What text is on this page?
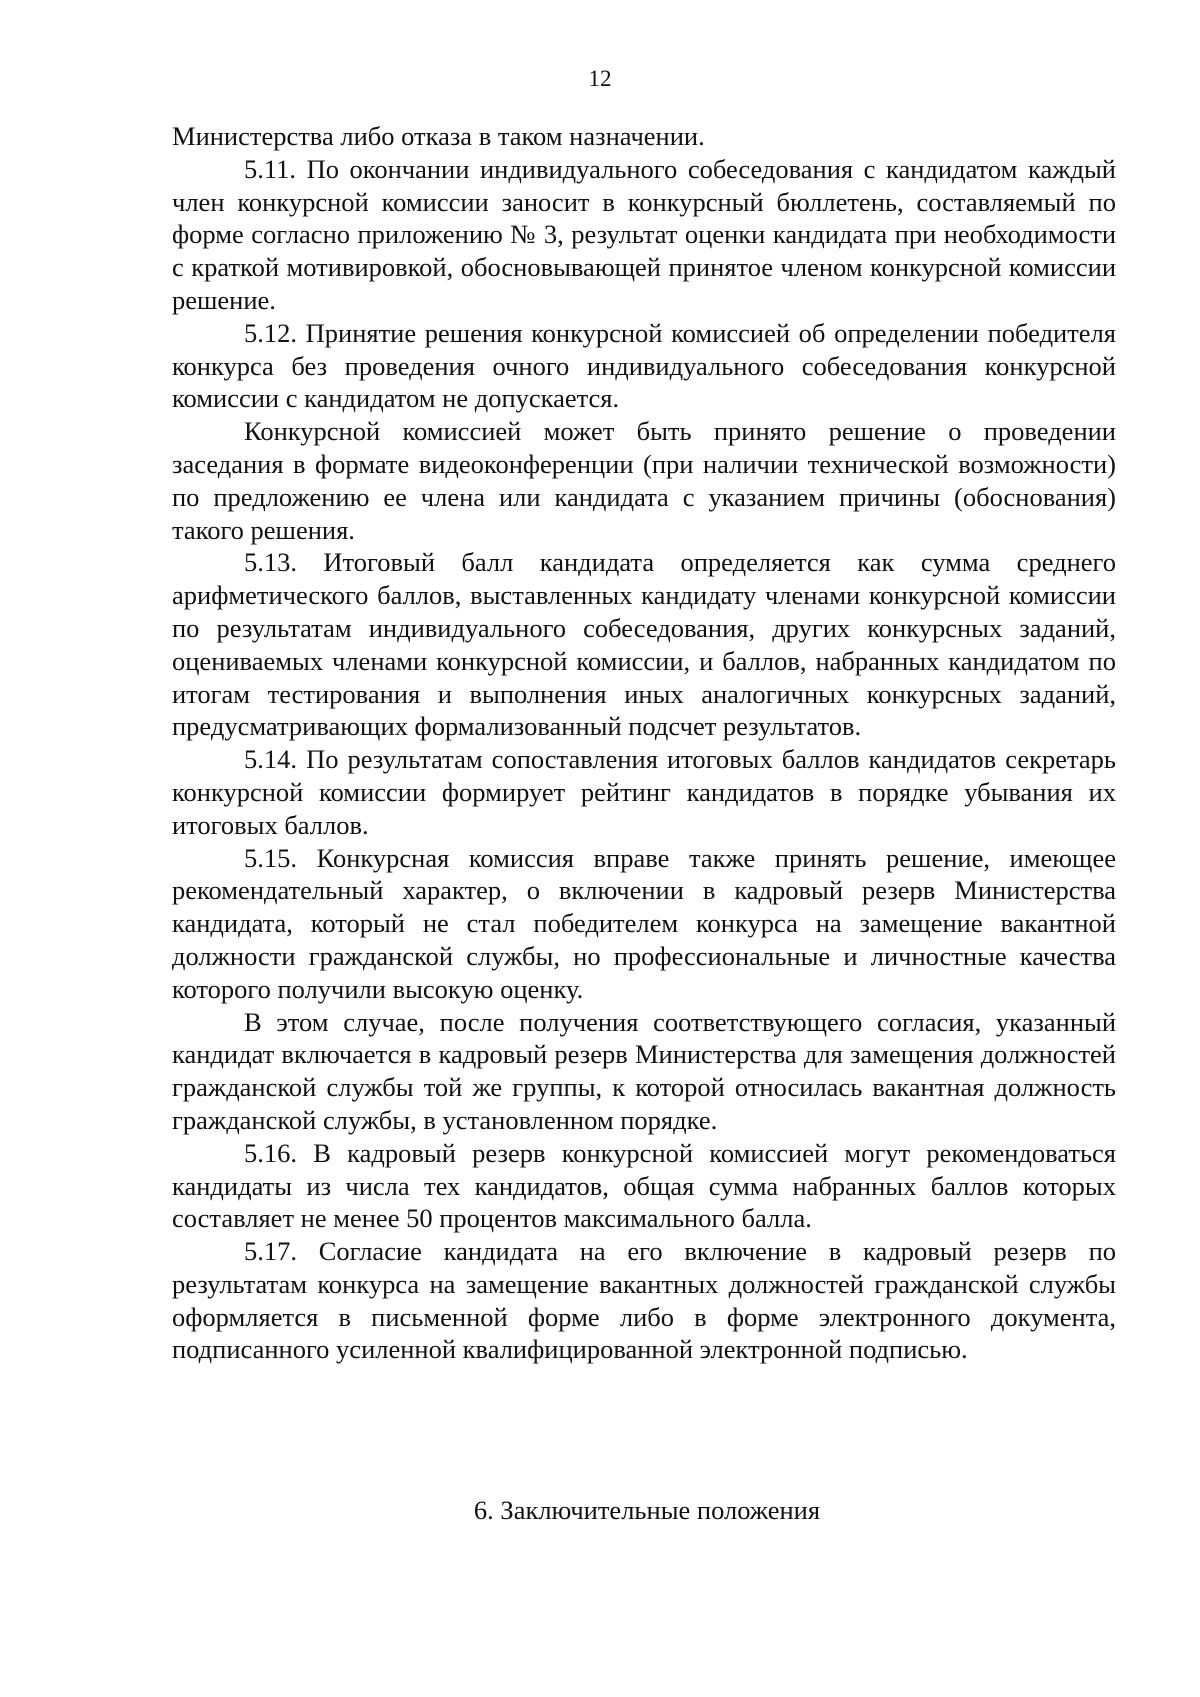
12

Министерства либо отказа в таком назначении.

5.11. По окончании индивидуального собеседования с кандидатом каждый член конкурсной комиссии заносит в конкурсный бюллетень, составляемый по форме согласно приложению № 3, результат оценки кандидата при необходимости с краткой мотивировкой, обосновывающей принятое членом конкурсной комиссии решение.

5.12. Принятие решения конкурсной комиссией об определении победителя конкурса без проведения очного индивидуального собеседования конкурсной комиссии с кандидатом не допускается.

Конкурсной комиссией может быть принято решение о проведении заседания в формате видеоконференции (при наличии технической возможности) по предложению ее члена или кандидата с указанием причины (обоснования) такого решения.

5.13. Итоговый балл кандидата определяется как сумма среднего арифметического баллов, выставленных кандидату членами конкурсной комиссии по результатам индивидуального собеседования, других конкурсных заданий, оцениваемых членами конкурсной комиссии, и баллов, набранных кандидатом по итогам тестирования и выполнения иных аналогичных конкурсных заданий, предусматривающих формализованный подсчет результатов.

5.14. По результатам сопоставления итоговых баллов кандидатов секретарь конкурсной комиссии формирует рейтинг кандидатов в порядке убывания их итоговых баллов.

5.15. Конкурсная комиссия вправе также принять решение, имеющее рекомендательный характер, о включении в кадровый резерв Министерства кандидата, который не стал победителем конкурса на замещение вакантной должности гражданской службы, но профессиональные и личностные качества которого получили высокую оценку.

В этом случае, после получения соответствующего согласия, указанный кандидат включается в кадровый резерв Министерства для замещения должностей гражданской службы той же группы, к которой относилась вакантная должность гражданской службы, в установленном порядке.

5.16. В кадровый резерв конкурсной комиссией могут рекомендоваться кандидаты из числа тех кандидатов, общая сумма набранных баллов которых составляет не менее 50 процентов максимального балла.

5.17. Согласие кандидата на его включение в кадровый резерв по результатам конкурса на замещение вакантных должностей гражданской службы оформляется в письменной форме либо в форме электронного документа, подписанного усиленной квалифицированной электронной подписью.

6. Заключительные положения
